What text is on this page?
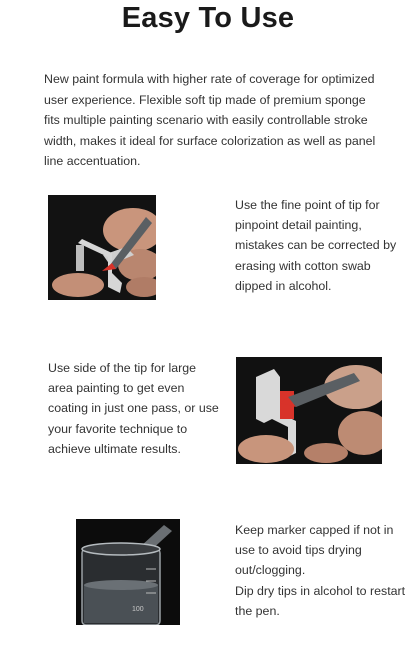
Easy To Use
New paint formula with higher rate of coverage for optimized user experience. Flexible soft tip made of premium sponge fits multiple painting scenario with easily controllable stroke width, makes it ideal for surface colorization as well as panel line accentuation.
Use the fine point of tip for pinpoint detail painting, mistakes can be corrected by erasing with cotton swab dipped in alcohol.
Use side of the tip for large area painting to get even coating in just one pass, or use your favorite technique to achieve ultimate results.
100
Keep marker capped if not in use to avoid tips drying out/clogging.
Dip dry tips in alcohol to restart the pen.
